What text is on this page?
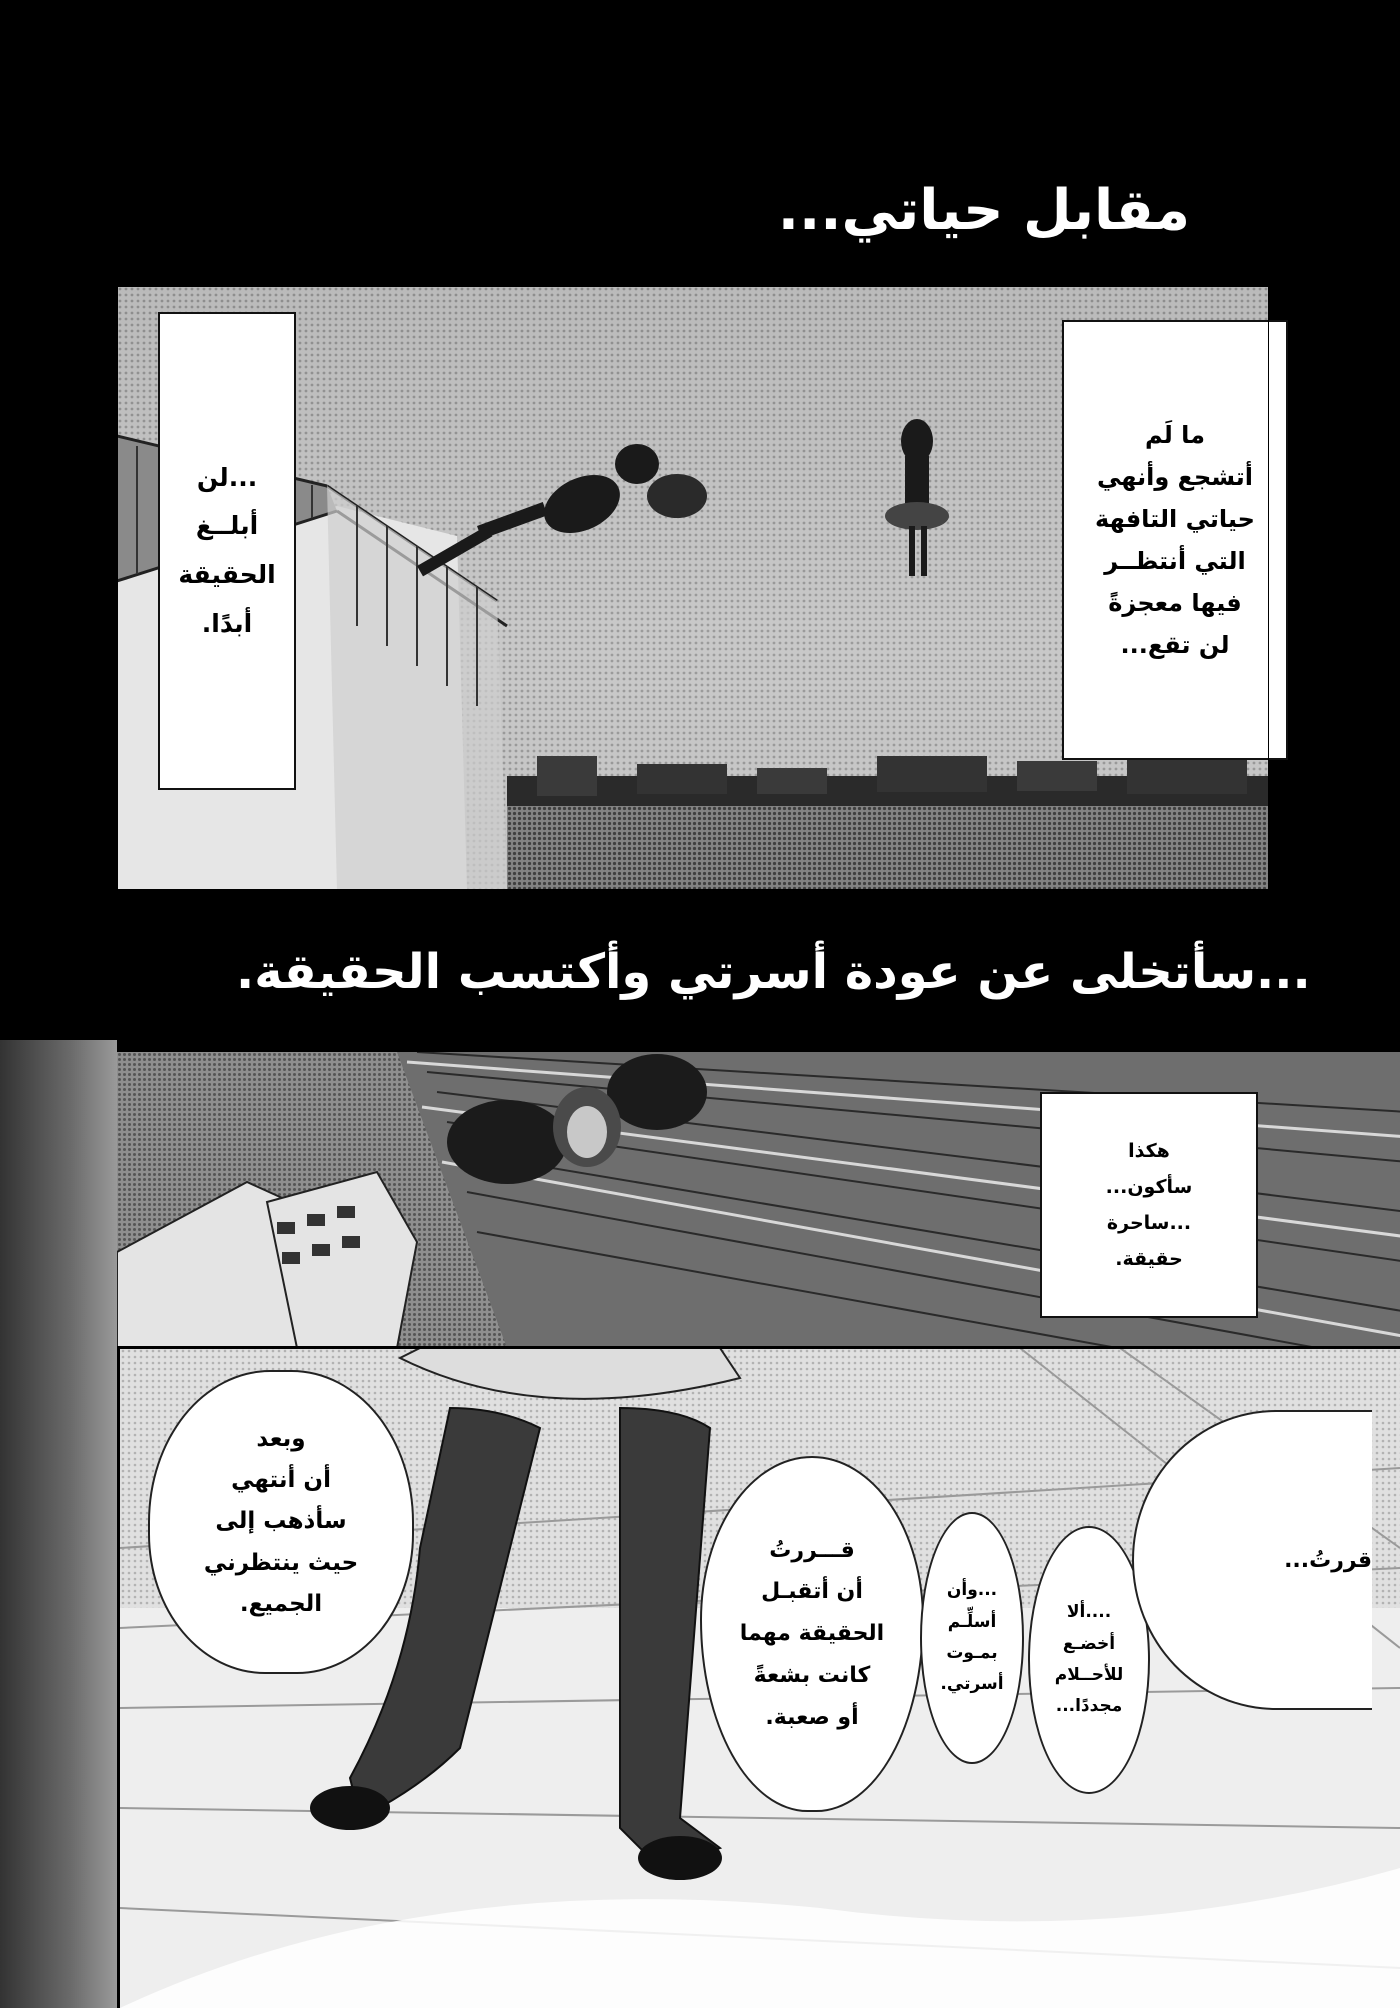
مقابل حياتي...
...لن
أبلــغ
الحقيقة
أبدًا.
ما لَم
أتشجع وأنهي
حياتي التافهة
التي أنتظــر
فيها معجزةً
لن تقع...
...سأتخلى عن عودة أسرتي وأكتسب الحقيقة.
هكذا
سأكون...
...ساحرة
حقيقة.
وبعد
أن أنتهي
سأذهب إلى
حيث ينتظرني
الجميع.
قـــررتُ
أن أتقبـل
الحقيقة مهما
كانت بشعةً
أو صعبة.
...وأن
أسلِّـم
بمـوت
أسرتي.
....ألا
أخضـع
للأحــلام
مجددًا...
قررتُ...
